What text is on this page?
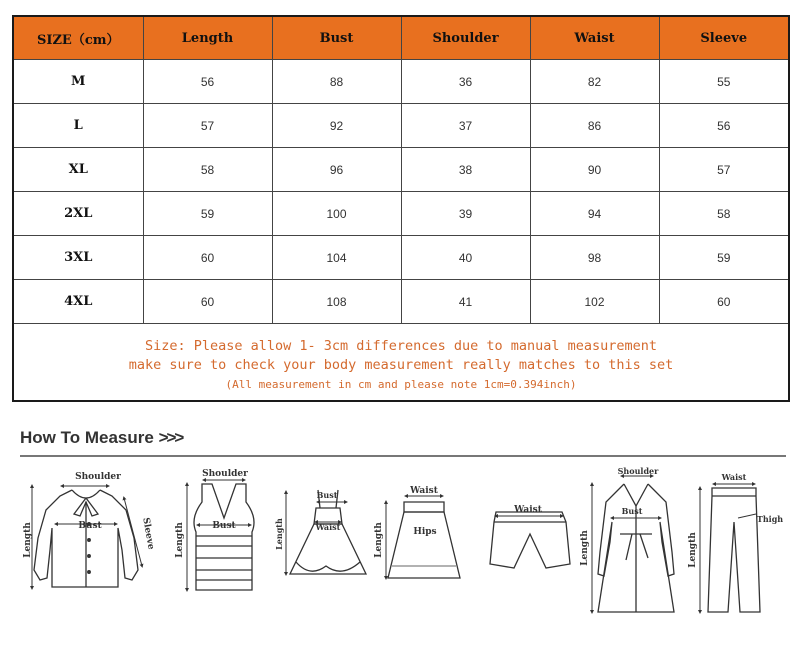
SIZE（cm）	Length	Bust	Shoulder	Waist	Sleeve
M	56	88	36	82	55
L	57	92	37	86	56
XL	58	96	38	90	57
2XL	59	100	39	94	58
3XL	60	104	40	98	59
4XL	60	108	41	102	60

Size: Please allow 1- 3cm differences due to manual measurement
make sure to check your body measurement really matches to this set
(All measurement in cm and please note 1cm=0.394inch)					
How To Measure >>>
Shoulder
Bust
Length	Sleeve
Shoulder
Bust
Length
Bust
Waist
Length
Waist
Hips
Length
Waist
Shoulder
Bust
Length
Waist
Thigh
Length
